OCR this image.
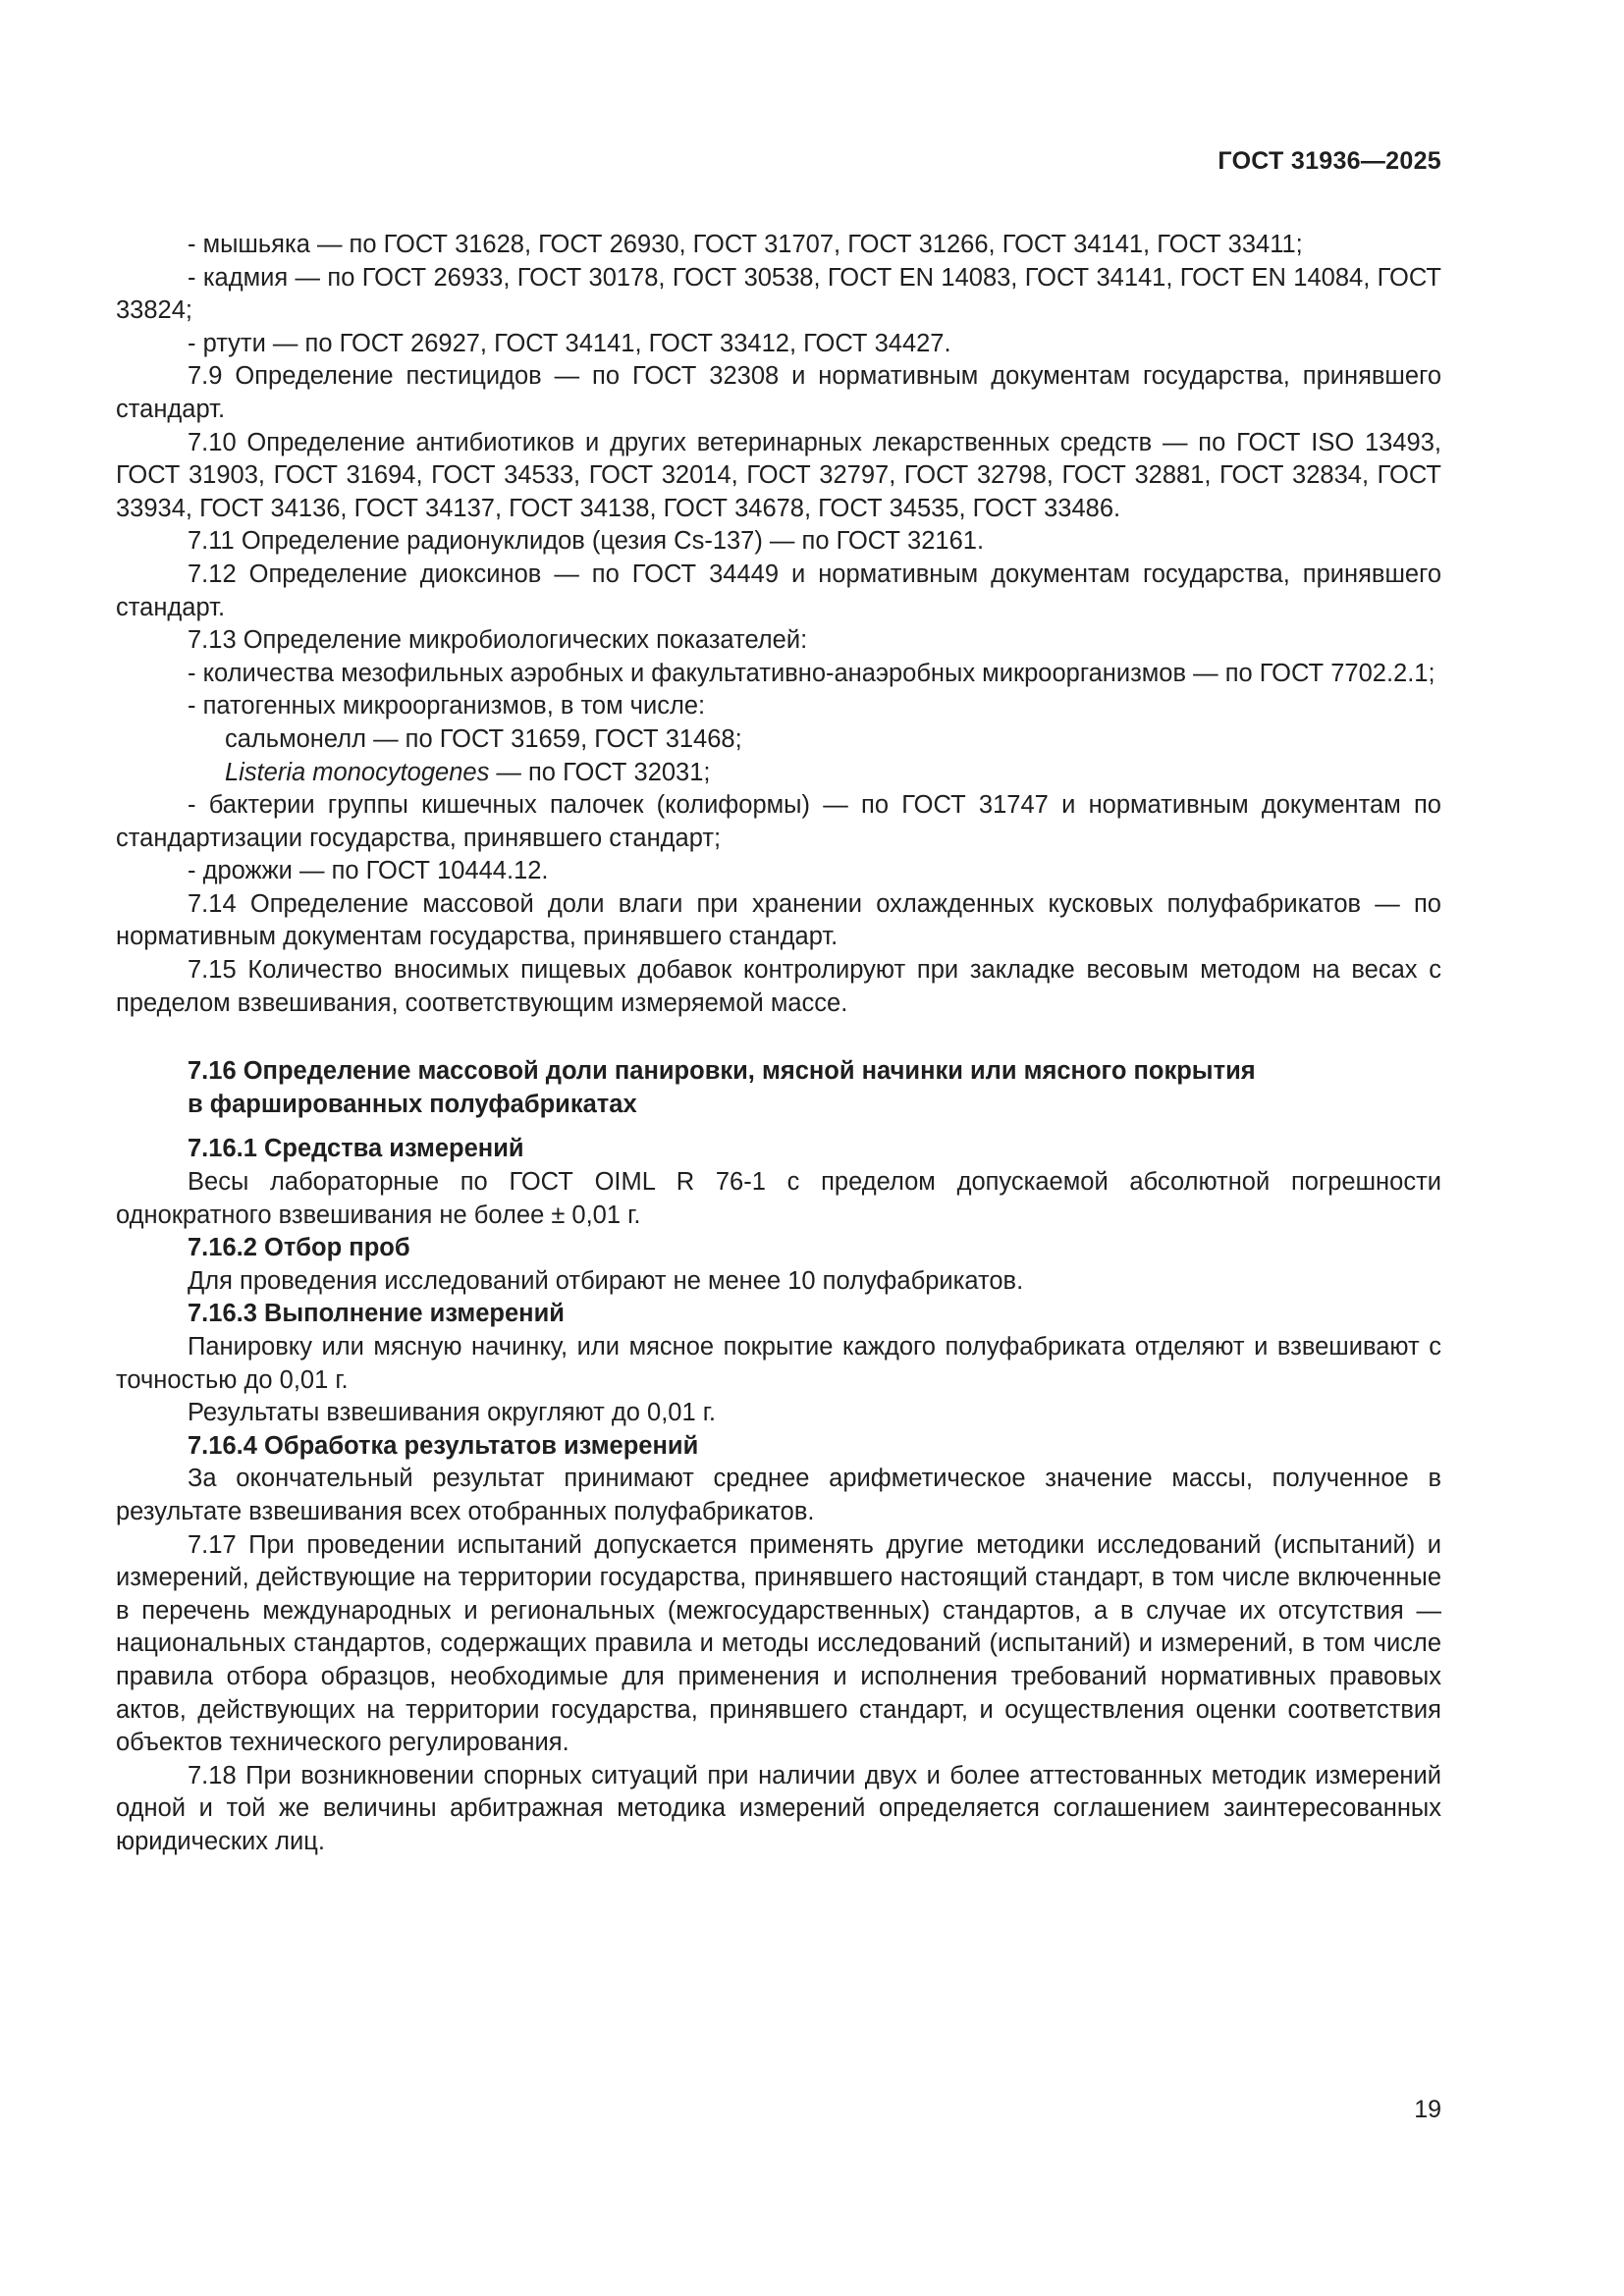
ГОСТ 31936—2025

- мышьяка — по ГОСТ 31628, ГОСТ 26930, ГОСТ 31707, ГОСТ 31266, ГОСТ 34141, ГОСТ 33411;

- кадмия — по ГОСТ 26933, ГОСТ 30178, ГОСТ 30538, ГОСТ EN 14083, ГОСТ 34141, ГОСТ EN 14084, ГОСТ 33824;

- ртути — по ГОСТ 26927, ГОСТ 34141, ГОСТ 33412, ГОСТ 34427.

7.9 Определение пестицидов — по ГОСТ 32308 и нормативным документам государства, принявшего стандарт.

7.10 Определение антибиотиков и других ветеринарных лекарственных средств — по ГОСТ ISO 13493, ГОСТ 31903, ГОСТ 31694, ГОСТ 34533, ГОСТ 32014, ГОСТ 32797, ГОСТ 32798, ГОСТ 32881, ГОСТ 32834, ГОСТ 33934, ГОСТ 34136, ГОСТ 34137, ГОСТ 34138, ГОСТ 34678, ГОСТ 34535, ГОСТ 33486.

7.11 Определение радионуклидов (цезия Cs-137) — по ГОСТ 32161.

7.12 Определение диоксинов — по ГОСТ 34449 и нормативным документам государства, принявшего стандарт.

7.13 Определение микробиологических показателей:

- количества мезофильных аэробных и факультативно-анаэробных микроорганизмов — по ГОСТ 7702.2.1;

- патогенных микроорганизмов, в том числе:

сальмонелл — по ГОСТ 31659, ГОСТ 31468;

Listeria monocytogenes — по ГОСТ 32031;

- бактерии группы кишечных палочек (колиформы) — по ГОСТ 31747 и нормативным документам по стандартизации государства, принявшего стандарт;

- дрожжи — по ГОСТ 10444.12.

7.14 Определение массовой доли влаги при хранении охлажденных кусковых полуфабрикатов — по нормативным документам государства, принявшего стандарт.

7.15 Количество вносимых пищевых добавок контролируют при закладке весовым методом на весах с пределом взвешивания, соответствующим измеряемой массе.

7.16 Определение массовой доли панировки, мясной начинки или мясного покрытия
в фаршированных полуфабрикатах

7.16.1 Средства измерений

Весы лабораторные по ГОСТ OIML R 76-1 с пределом допускаемой абсолютной погрешности однократного взвешивания не более ± 0,01 г.

7.16.2 Отбор проб

Для проведения исследований отбирают не менее 10 полуфабрикатов.

7.16.3 Выполнение измерений

Панировку или мясную начинку, или мясное покрытие каждого полуфабриката отделяют и взвешивают с точностью до 0,01 г.

Результаты взвешивания округляют до 0,01 г.

7.16.4 Обработка результатов измерений

За окончательный результат принимают среднее арифметическое значение массы, полученное в результате взвешивания всех отобранных полуфабрикатов.

7.17 При проведении испытаний допускается применять другие методики исследований (испытаний) и измерений, действующие на территории государства, принявшего настоящий стандарт, в том числе включенные в перечень международных и региональных (межгосударственных) стандартов, а в случае их отсутствия — национальных стандартов, содержащих правила и методы исследований (испытаний) и измерений, в том числе правила отбора образцов, необходимые для применения и исполнения требований нормативных правовых актов, действующих на территории государства, принявшего стандарт, и осуществления оценки соответствия объектов технического регулирования.

7.18 При возникновении спорных ситуаций при наличии двух и более аттестованных методик измерений одной и той же величины арбитражная методика измерений определяется соглашением заинтересованных юридических лиц.

19
